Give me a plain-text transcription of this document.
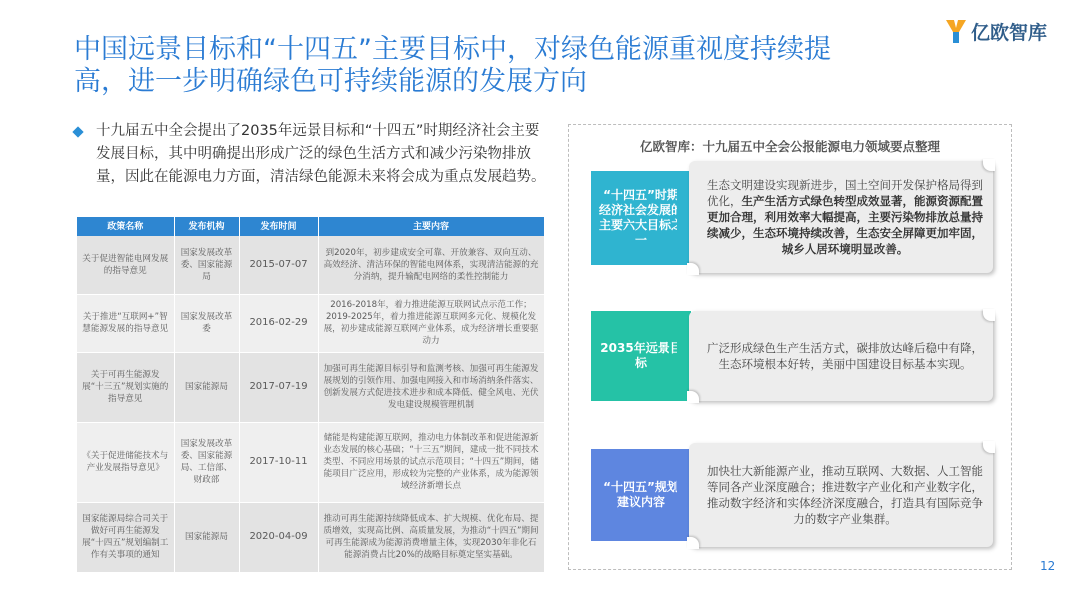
亿欧智库
中国远景目标和“十四五”主要目标中，对绿色能源重视度持续提高，进一步明确绿色可持续能源的发展方向
十九届五中全会提出了2035年远景目标和“十四五”时期经济社会主要发展目标，其中明确提出形成广泛的绿色生活方式和减少污染物排放量，因此在能源电力方面，清洁绿色能源未来将会成为重点发展趋势。
政策名称	发布机构	发布时间	主要内容
关于促进智能电网发展的指导意见	国家发展改革委、国家能源局	2015-07-07	到2020年，初步建成安全可靠、开放兼容、双向互动、高效经济、清洁环保的智能电网体系，实现清洁能源的充分消纳，提升输配电网络的柔性控制能力
关于推进“互联网+”智慧能源发展的指导意见	国家发展改革委	2016-02-29	2016-2018年，着力推进能源互联网试点示范工作；2019-2025年，着力推进能源互联网多元化、规模化发展，初步建成能源互联网产业体系，成为经济增长重要驱动力
关于可再生能源发展“十三五”规划实施的指导意见	国家能源局	2017-07-19	加强可再生能源目标引导和监测考核、加强可再生能源发展规划的引领作用、加强电网接入和市场消纳条件落实、创新发展方式促进技术进步和成本降低、健全风电、光伏发电建设规模管理机制
《关于促进储能技术与产业发展指导意见》	国家发展改革委、国家能源局、工信部、财政部	2017-10-11	储能是构建能源互联网，推动电力体制改革和促进能源新业态发展的核心基础；“十三五”期间，建成一批不同技术类型、不同应用场景的试点示范项目；“十四五”期间，储能项目广泛应用，形成较为完整的产业体系，成为能源领域经济新增长点
国家能源局综合司关于做好可再生能源发展“十四五”规划编制工作有关事项的通知	国家能源局	2020-04-09	推动可再生能源持续降低成本、扩大规模、优化布局、提质增效，实现高比例、高质量发展，为推动“十四五”期间可再生能源成为能源消费增量主体，实现2030年非化石能源消费占比20%的战略目标奠定坚实基础。
亿欧智库：十九届五中全会公报能源电力领域要点整理
“十四五”时期经济社会发展的主要六大目标之一
生态文明建设实现新进步，国土空间开发保护格局得到优化，生产生活方式绿色转型成效显著，能源资源配置更加合理，利用效率大幅提高，主要污染物排放总量持续减少，生态环境持续改善，生态安全屏障更加牢固，城乡人居环境明显改善。
2035年远景目标
广泛形成绿色生产生活方式，碳排放达峰后稳中有降，生态环境根本好转，美丽中国建设目标基本实现。
“十四五”规划建议内容
加快壮大新能源产业，推动互联网、大数据、人工智能等同各产业深度融合；推进数字产业化和产业数字化，推动数字经济和实体经济深度融合，打造具有国际竞争力的数字产业集群。
12
